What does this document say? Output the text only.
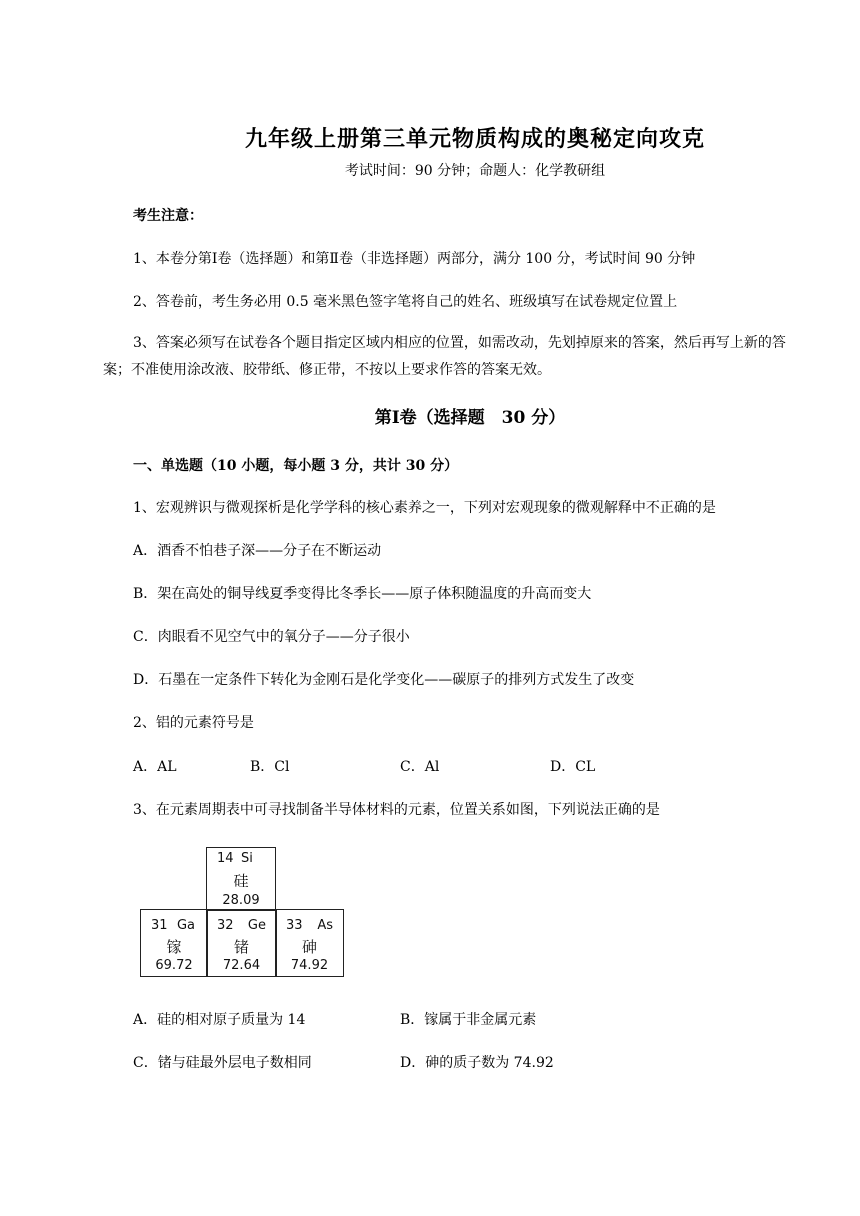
九年级上册第三单元物质构成的奥秘定向攻克
考试时间：90 分钟；命题人：化学教研组
考生注意：
1、本卷分第Ⅰ卷（选择题）和第Ⅱ卷（非选择题）两部分，满分 100 分，考试时间 90 分钟
2、答卷前，考生务必用 0.5 毫米黑色签字笔将自己的姓名、班级填写在试卷规定位置上
3、答案必须写在试卷各个题目指定区域内相应的位置，如需改动，先划掉原来的答案，然后再写上新的答案；不准使用涂改液、胶带纸、修正带，不按以上要求作答的答案无效。
第Ⅰ卷（选择题　30 分）
一、单选题（10 小题，每小题 3 分，共计 30 分）
1、宏观辨识与微观探析是化学学科的核心素养之一，下列对宏观现象的微观解释中不正确的是
A．酒香不怕巷子深——分子在不断运动
B．架在高处的铜导线夏季变得比冬季长——原子体积随温度的升高而变大
C．肉眼看不见空气中的氧分子——分子很小
D．石墨在一定条件下转化为金刚石是化学变化——碳原子的排列方式发生了改变
2、铝的元素符号是
A．AL	B．Cl	C．Al	D．CL
3、在元素周期表中可寻找制备半导体材料的元素，位置关系如图，下列说法正确的是
14 Si
硅
28.09
31 Ga
镓
69.72
32 Ge
锗
72.64
33 As
砷
74.92
A．硅的相对原子质量为 14	B．镓属于非金属元素
C．锗与硅最外层电子数相同	D．砷的质子数为 74.92
